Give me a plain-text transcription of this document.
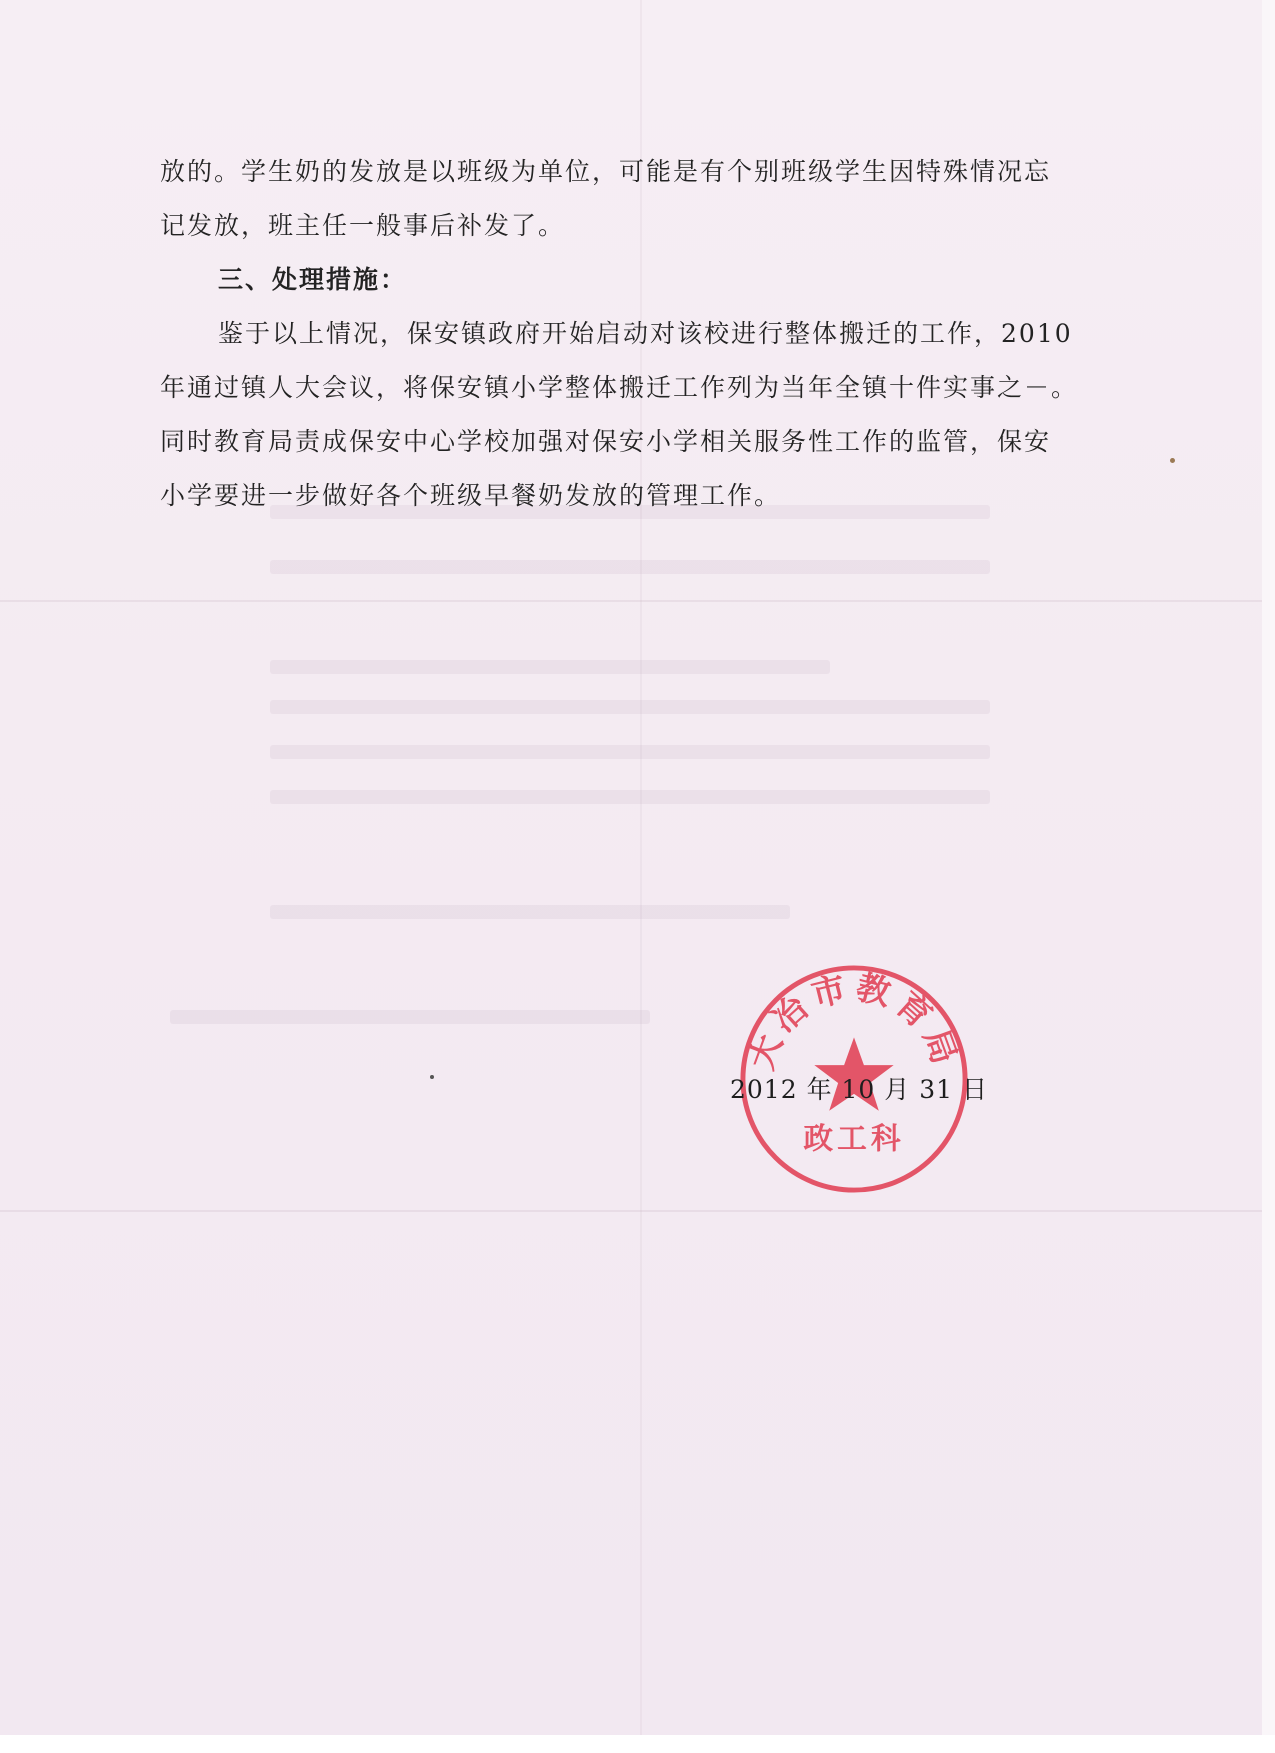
放的。学生奶的发放是以班级为单位，可能是有个别班级学生因特殊情况忘
记发放，班主任一般事后补发了。
三、处理措施：
鉴于以上情况，保安镇政府开始启动对该校进行整体搬迁的工作，2010
年通过镇人大会议，将保安镇小学整体搬迁工作列为当年全镇十件实事之－。
同时教育局责成保安中心学校加强对保安小学相关服务性工作的监管，保安
小学要进一步做好各个班级早餐奶发放的管理工作。
大冶市教育局
政工科
2012 年 10 月 31 日
